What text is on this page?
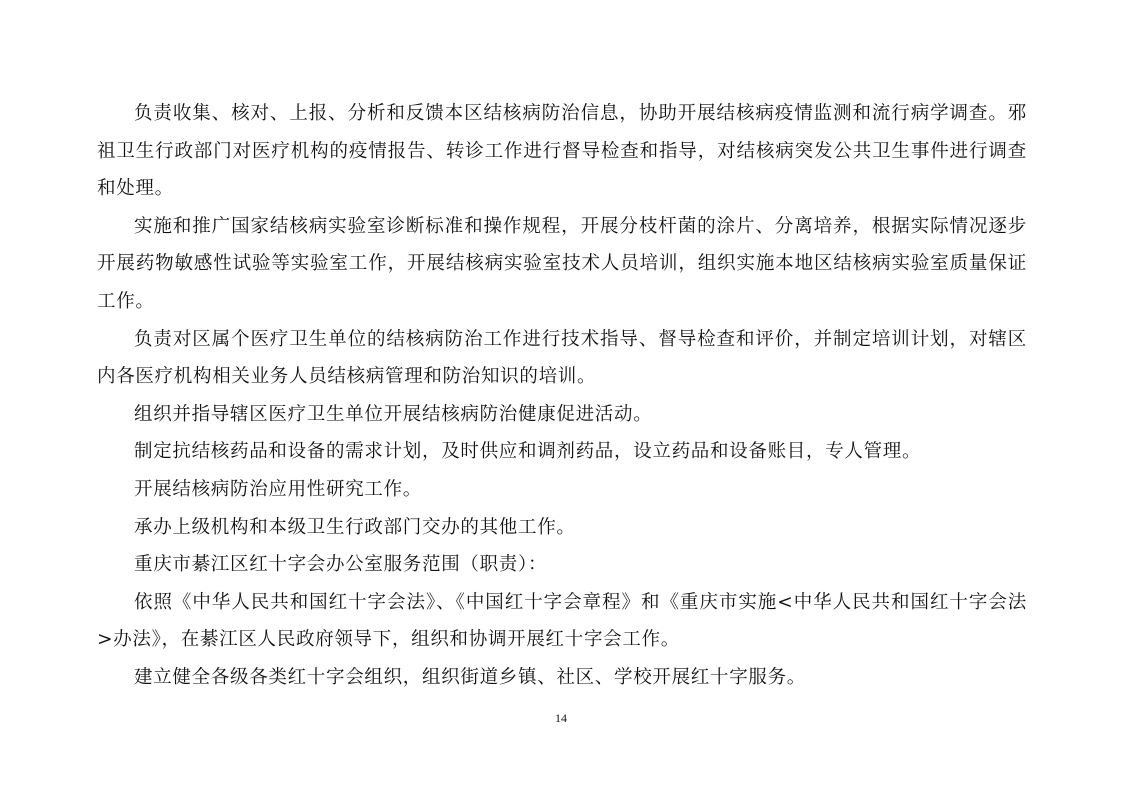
负责收集、核对、上报、分析和反馈本区结核病防治信息，协助开展结核病疫情监测和流行病学调查。邪祖卫生行政部门对医疗机构的疫情报告、转诊工作进行督导检查和指导，对结核病突发公共卫生事件进行调查和处理。

实施和推广国家结核病实验室诊断标准和操作规程，开展分枝杆菌的涂片、分离培养，根据实际情况逐步开展药物敏感性试验等实验室工作，开展结核病实验室技术人员培训，组织实施本地区结核病实验室质量保证工作。

负责对区属个医疗卫生单位的结核病防治工作进行技术指导、督导检查和评价，并制定培训计划，对辖区内各医疗机构相关业务人员结核病管理和防治知识的培训。

组织并指导辖区医疗卫生单位开展结核病防治健康促进活动。

制定抗结核药品和设备的需求计划，及时供应和调剂药品，设立药品和设备账目，专人管理。

开展结核病防治应用性研究工作。

承办上级机构和本级卫生行政部门交办的其他工作。

重庆市綦江区红十字会办公室服务范围（职责）：

依照《中华人民共和国红十字会法》、《中国红十字会章程》和《重庆市实施<中华人民共和国红十字会法>办法》，在綦江区人民政府领导下，组织和协调开展红十字会工作。

建立健全各级各类红十字会组织，组织街道乡镇、社区、学校开展红十字服务。

14
